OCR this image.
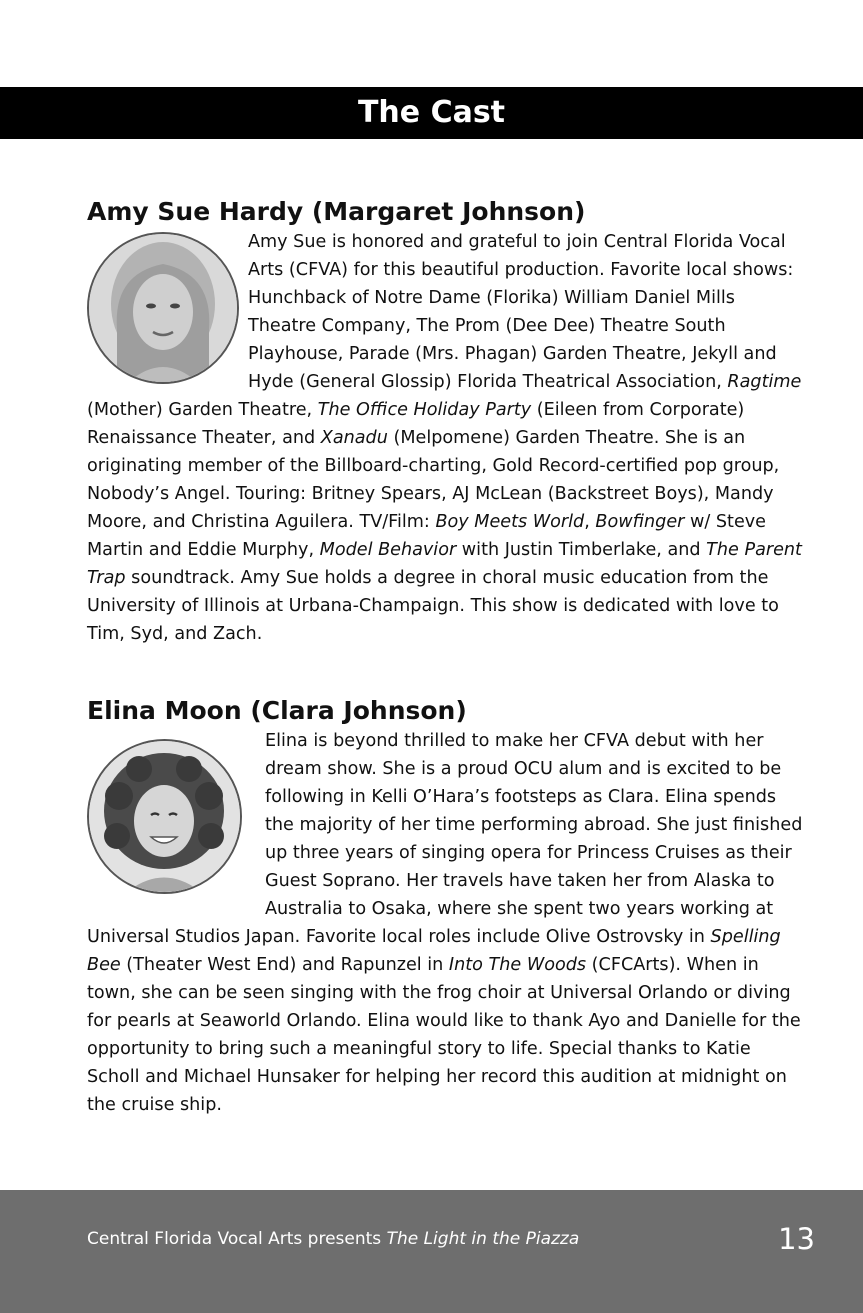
The Cast
Amy Sue Hardy (Margaret Johnson)

Amy Sue is honored and grateful to join Central Florida Vocal Arts (CFVA) for this beautiful production. Favorite local shows: Hunchback of Notre Dame (Florika) William Daniel Mills Theatre Company, The Prom (Dee Dee) Theatre South Playhouse, Parade (Mrs. Phagan) Garden Theatre, Jekyll and Hyde (General Glossip) Florida Theatrical Association, Ragtime (Mother) Garden Theatre, The Office Holiday Party (Eileen from Corporate) Renaissance Theater, and Xanadu (Melpomene) Garden Theatre. She is an originating member of the Billboard-charting, Gold Record-certified pop group, Nobody’s Angel. Touring: Britney Spears, AJ McLean (Backstreet Boys), Mandy Moore, and Christina Aguilera. TV/Film: Boy Meets World, Bowfinger w/ Steve Martin and Eddie Murphy, Model Behavior with Justin Timberlake, and The Parent Trap soundtrack. Amy Sue holds a degree in choral music education from the University of Illinois at Urbana-Champaign. This show is dedicated with love to Tim, Syd, and Zach.

Elina Moon (Clara Johnson)

Elina is beyond thrilled to make her CFVA debut with her dream show. She is a proud OCU alum and is excited to be following in Kelli O’Hara’s footsteps as Clara. Elina spends the majority of her time performing abroad. She just finished up three years of singing opera for Princess Cruises as their Guest Soprano. Her travels have taken her from Alaska to Australia to Osaka, where she spent two years working at Universal Studios Japan. Favorite local roles include Olive Ostrovsky in Spelling Bee (Theater West End) and Rapunzel in Into The Woods (CFCArts). When in town, she can be seen singing with the frog choir at Universal Orlando or diving for pearls at Seaworld Orlando. Elina would like to thank Ayo and Danielle for the opportunity to bring such a meaningful story to life. Special thanks to Katie Scholl and Michael Hunsaker for helping her record this audition at midnight on the cruise ship.

Central Florida Vocal Arts presents The Light in the Piazza	13
